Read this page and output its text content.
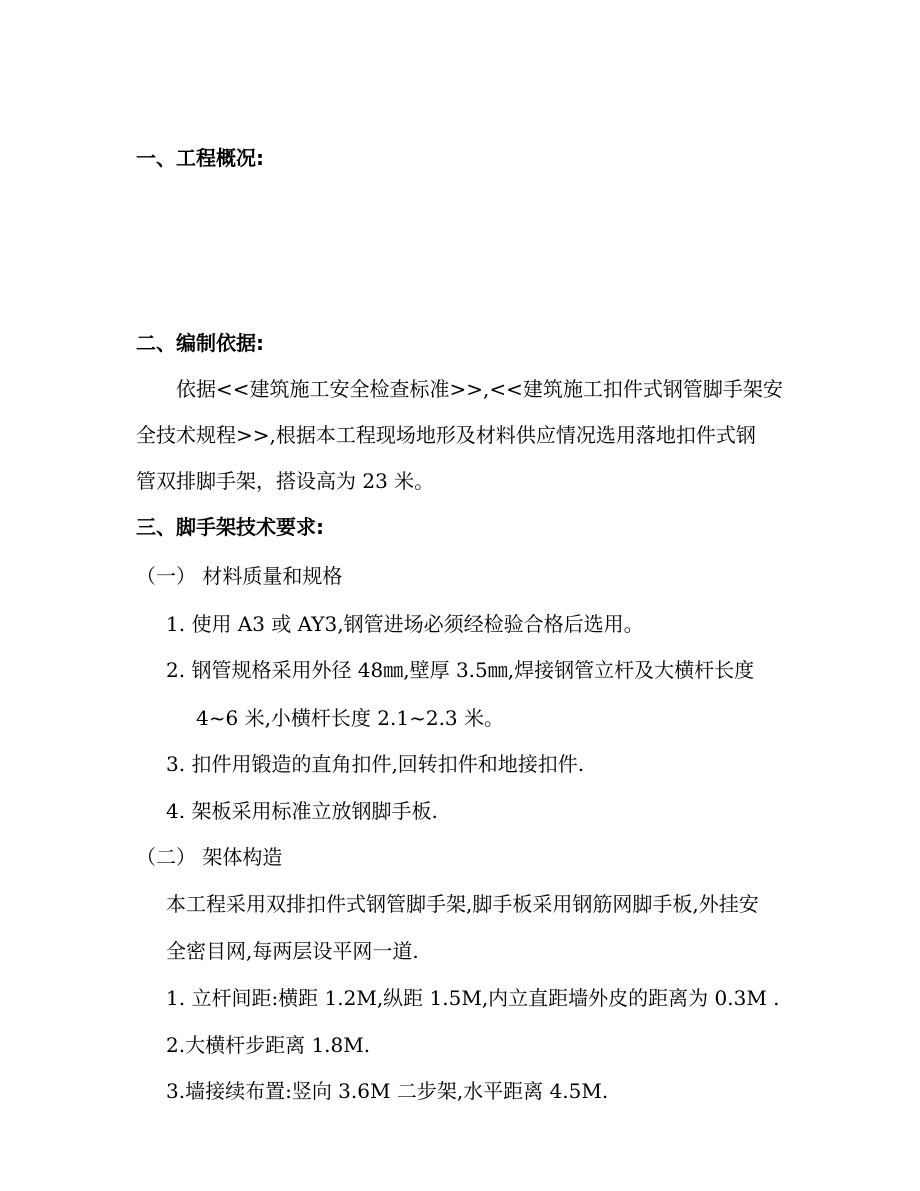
一、工程概况:
二、编制依据:
依据<<建筑施工安全检查标准>>,<<建筑施工扣件式钢管脚手架安
全技术规程>>,根据本工程现场地形及材料供应情况选用落地扣件式钢
管双排脚手架，搭设高为 23 米。
三、脚手架技术要求:
（一） 材料质量和规格
1. 使用 A3 或 AY3,钢管进场必须经检验合格后选用。
2. 钢管规格采用外径 48㎜,壁厚 3.5㎜,焊接钢管立杆及大横杆长度
4~6 米,小横杆长度 2.1~2.3 米。
3. 扣件用锻造的直角扣件,回转扣件和地接扣件.
4. 架板采用标准立放钢脚手板.
（二） 架体构造
本工程采用双排扣件式钢管脚手架,脚手板采用钢筋网脚手板,外挂安
全密目网,每两层设平网一道.
1. 立杆间距:横距 1.2M,纵距 1.5M,内立直距墙外皮的距离为 0.3M .
2.大横杆步距离 1.8M.
3.墙接续布置:竖向 3.6M 二步架,水平距离 4.5M.
